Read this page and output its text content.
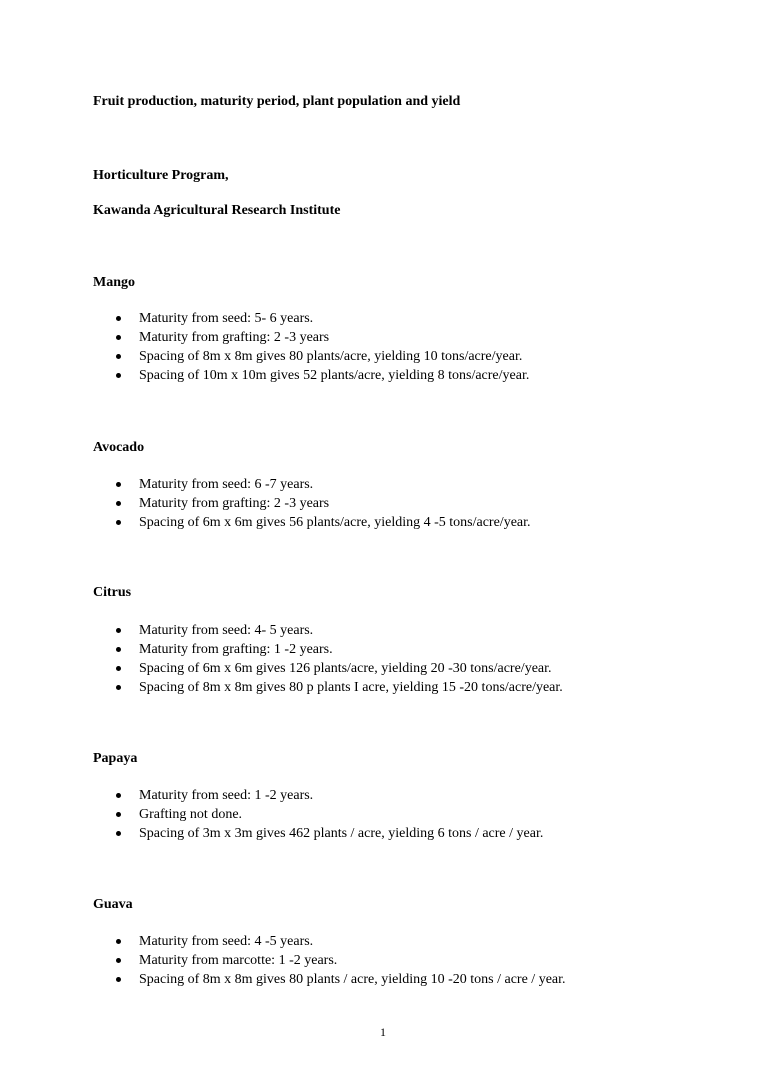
Fruit production, maturity period, plant population and yield
Horticulture Program,
Kawanda Agricultural Research Institute
Mango
Maturity from seed: 5- 6 years.
Maturity from grafting: 2 -3 years
Spacing of 8m x 8m gives 80 plants/acre, yielding 10 tons/acre/year.
Spacing of 10m x 10m gives 52 plants/acre, yielding 8 tons/acre/year.
Avocado
Maturity from seed: 6 -7 years.
Maturity from grafting: 2 -3 years
Spacing of 6m x 6m gives 56 plants/acre, yielding 4 -5 tons/acre/year.
Citrus
Maturity from seed: 4- 5 years.
Maturity from grafting: 1 -2 years.
Spacing of 6m x 6m gives 126 plants/acre, yielding 20 -30 tons/acre/year.
Spacing of 8m x 8m gives 80 p plants I acre, yielding 15 -20 tons/acre/year.
Papaya
Maturity from seed: 1 -2 years.
Grafting not done.
Spacing of 3m x 3m gives 462 plants / acre, yielding 6 tons / acre / year.
Guava
Maturity from seed: 4 -5 years.
Maturity from marcotte: 1 -2 years.
Spacing of 8m x 8m gives 80 plants / acre, yielding 10 -20 tons / acre / year.
1
